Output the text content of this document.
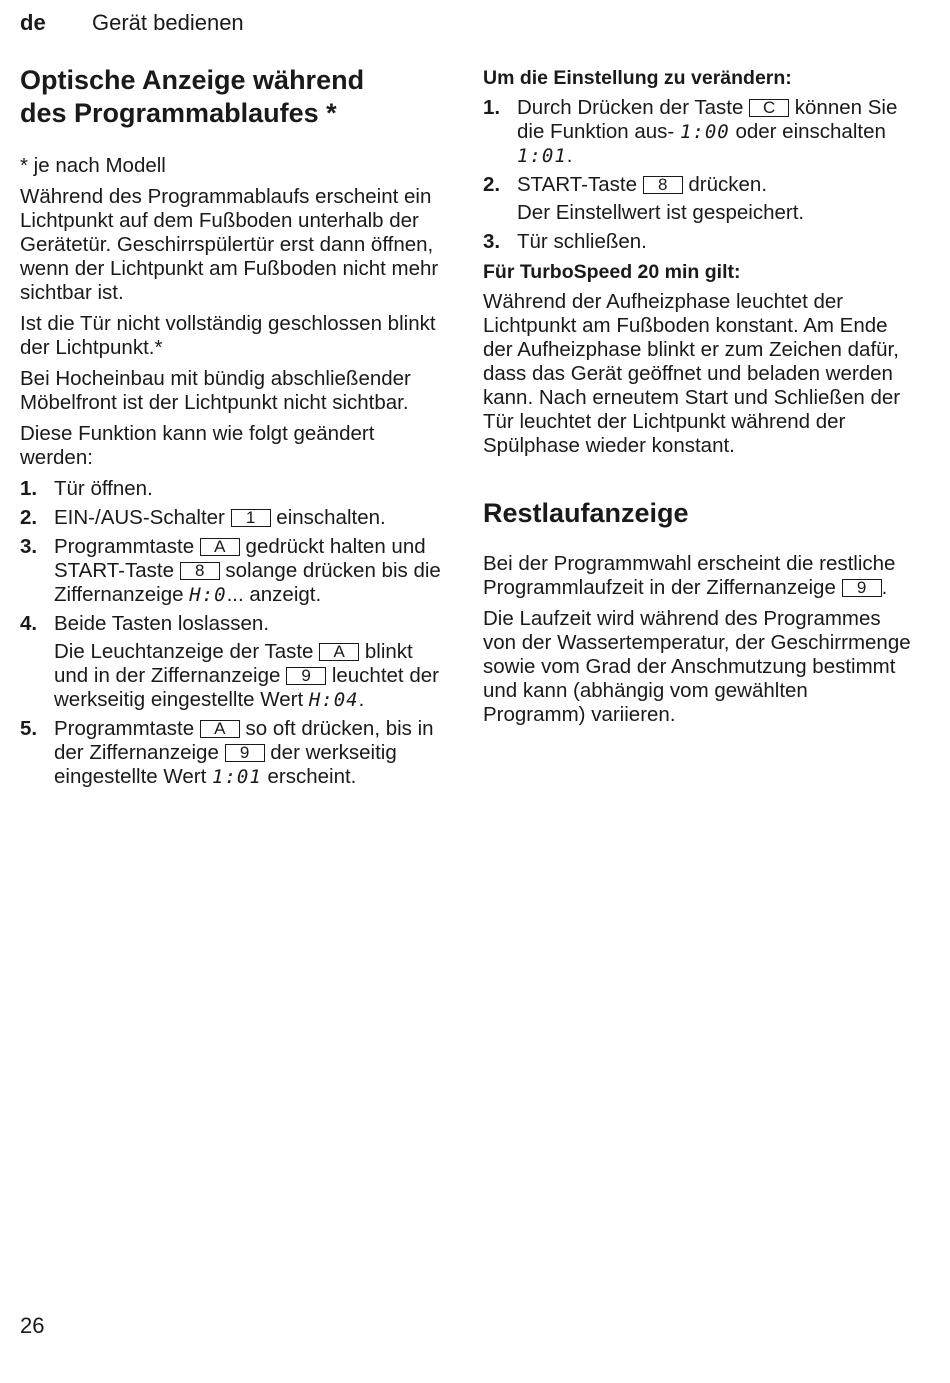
de Gerät bedienen
Optische Anzeige während
des Programmablaufes *

* je nach Modell

Während des Programmablaufs erscheint ein Lichtpunkt auf dem Fußboden unterhalb der Gerätetür. Geschirrspülertür erst dann öffnen, wenn der Lichtpunkt am Fußboden nicht mehr sichtbar ist.

Ist die Tür nicht vollständig geschlossen blinkt der Lichtpunkt.*

Bei Hocheinbau mit bündig abschließender Möbelfront ist der Lichtpunkt nicht sichtbar.

Diese Funktion kann wie folgt geändert werden:

1. Tür öffnen.
2. EIN-/AUS-Schalter 1 einschalten.
3. Programmtaste A gedrückt halten und START-Taste 8 solange drücken bis die Ziffernanzeige H:0... anzeigt.
4. Beide Tasten loslassen.

Die Leuchtanzeige der Taste A blinkt und in der Ziffernanzeige 9 leuchtet der werkseitig eingestellte Wert H:04.

5. Programmtaste A so oft drücken, bis in der Ziffernanzeige 9 der werkseitig eingestellte Wert 1:01 erscheint.
Um die Einstellung zu verändern:
1. Durch Drücken der Taste C können Sie die Funktion aus- 1:00 oder einschalten 1:01.
2. START-Taste 8 drücken.

Der Einstellwert ist gespeichert.

3. Tür schließen.
Für TurboSpeed 20 min gilt:

Während der Aufheizphase leuchtet der Lichtpunkt am Fußboden konstant. Am Ende der Aufheizphase blinkt er zum Zeichen dafür, dass das Gerät geöffnet und beladen werden kann. Nach erneutem Start und Schließen der Tür leuchtet der Lichtpunkt während der Spülphase wieder konstant.

Restlaufanzeige

Bei der Programmwahl erscheint die restliche Programmlaufzeit in der Ziffernanzeige 9 .

Die Laufzeit wird während des Programmes von der Wassertemperatur, der Geschirrmenge sowie vom Grad der Anschmutzung bestimmt und kann (abhängig vom gewählten Programm) variieren.

26
